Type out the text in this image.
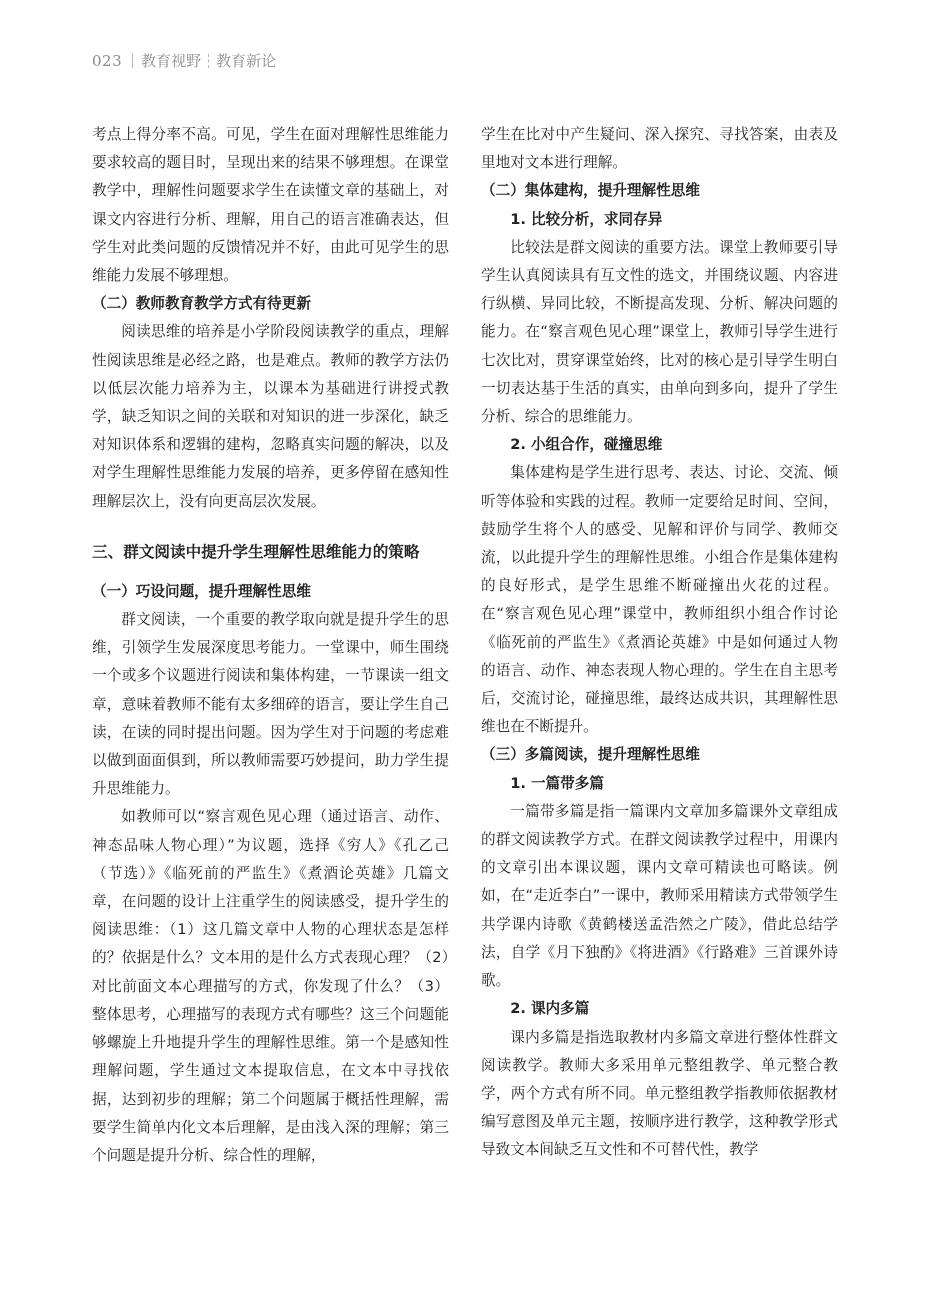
023 教育视野 教育新论

考点上得分率不高。可见，学生在面对理解性思维能力要求较高的题目时，呈现出来的结果不够理想。在课堂教学中，理解性问题要求学生在读懂文章的基础上，对课文内容进行分析、理解，用自己的语言准确表达，但学生对此类问题的反馈情况并不好，由此可见学生的思维能力发展不够理想。

（二）教师教育教学方式有待更新

阅读思维的培养是小学阶段阅读教学的重点，理解性阅读思维是必经之路，也是难点。教师的教学方法仍以低层次能力培养为主，以课本为基础进行讲授式教学，缺乏知识之间的关联和对知识的进一步深化，缺乏对知识体系和逻辑的建构，忽略真实问题的解决，以及对学生理解性思维能力发展的培养，更多停留在感知性理解层次上，没有向更高层次发展。

三、群文阅读中提升学生理解性思维能力的策略
（一）巧设问题，提升理解性思维

群文阅读，一个重要的教学取向就是提升学生的思维，引领学生发展深度思考能力。一堂课中，师生围绕一个或多个议题进行阅读和集体构建，一节课读一组文章，意味着教师不能有太多细碎的语言，要让学生自己读，在读的同时提出问题。因为学生对于问题的考虑难以做到面面俱到，所以教师需要巧妙提问，助力学生提升思维能力。

如教师可以“察言观色见心理（通过语言、动作、神态品味人物心理）”为议题，选择《穷人》《孔乙己（节选）》《临死前的严监生》《煮酒论英雄》几篇文章，在问题的设计上注重学生的阅读感受，提升学生的阅读思维：（1）这几篇文章中人物的心理状态是怎样的？依据是什么？文本用的是什么方式表现心理？（2）对比前面文本心理描写的方式，你发现了什么？（3）整体思考，心理描写的表现方式有哪些？这三个问题能够螺旋上升地提升学生的理解性思维。第一个是感知性理解问题，学生通过文本提取信息，在文本中寻找依据，达到初步的理解；第二个问题属于概括性理解，需要学生简单内化文本后理解，是由浅入深的理解；第三个问题是提升分析、综合性的理解，

学生在比对中产生疑问、深入探究、寻找答案，由表及里地对文本进行理解。

（二）集体建构，提升理解性思维
1. 比较分析，求同存异

比较法是群文阅读的重要方法。课堂上教师要引导学生认真阅读具有互文性的选文，并围绕议题、内容进行纵横、异同比较，不断提高发现、分析、解决问题的能力。在“察言观色见心理”课堂上，教师引导学生进行七次比对，贯穿课堂始终，比对的核心是引导学生明白一切表达基于生活的真实，由单向到多向，提升了学生分析、综合的思维能力。

2. 小组合作，碰撞思维

集体建构是学生进行思考、表达、讨论、交流、倾听等体验和实践的过程。教师一定要给足时间、空间，鼓励学生将个人的感受、见解和评价与同学、教师交流，以此提升学生的理解性思维。小组合作是集体建构的良好形式，是学生思维不断碰撞出火花的过程。在“察言观色见心理”课堂中，教师组织小组合作讨论《临死前的严监生》《煮酒论英雄》中是如何通过人物的语言、动作、神态表现人物心理的。学生在自主思考后，交流讨论，碰撞思维，最终达成共识，其理解性思维也在不断提升。

（三）多篇阅读，提升理解性思维
1. 一篇带多篇

一篇带多篇是指一篇课内文章加多篇课外文章组成的群文阅读教学方式。在群文阅读教学过程中，用课内的文章引出本课议题，课内文章可精读也可略读。例如，在“走近李白”一课中，教师采用精读方式带领学生共学课内诗歌《黄鹤楼送孟浩然之广陵》，借此总结学法，自学《月下独酌》《将进酒》《行路难》三首课外诗歌。

2. 课内多篇

课内多篇是指选取教材内多篇文章进行整体性群文阅读教学。教师大多采用单元整组教学、单元整合教学，两个方式有所不同。单元整组教学指教师依据教材编写意图及单元主题，按顺序进行教学，这种教学形式导致文本间缺乏互文性和不可替代性，教学
